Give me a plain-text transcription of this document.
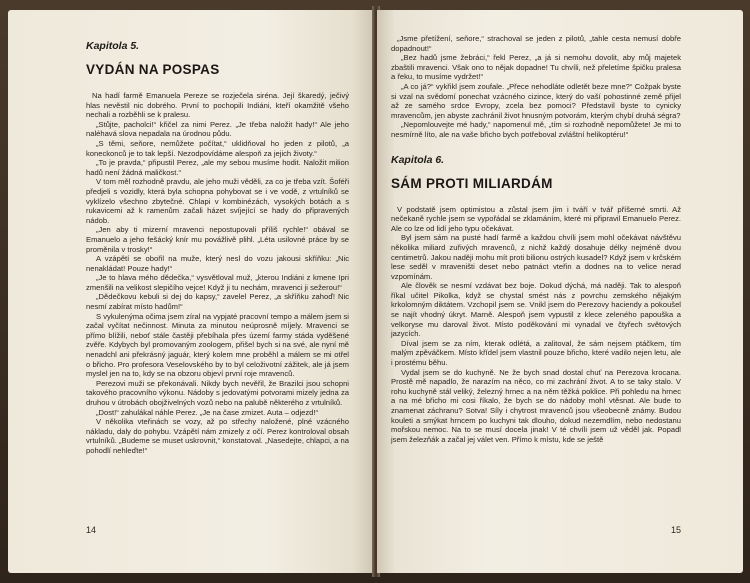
Kapitola 5.
VYDÁN NA POSPAS

Na hadí farmě Emanuela Pereze se rozječela siréna. Její škaredý, ječivý hlas nevěstil nic dobrého. První to pochopili Indiáni, kteří okamžitě všeho nechali a rozběhli se k pralesu.

„Stůjte, pacholci!“ křičel za nimi Perez. „Je třeba naložit hady!“ Ale jeho naléhavá slova nepadala na úrodnou půdu.

„S těmi, seňore, nemůžete počítat,“ uklidňoval ho jeden z pilotů, „a koneckonců je to tak lepší. Nezodpovídáme alespoň za jejich životy.“

„To je pravda,“ připustil Perez, „ale my sebou musíme hodit. Naložit milion hadů není žádná maličkost.“

V tom měl rozhodně pravdu, ale jeho muži věděli, za co je třeba vzít. Šoféři předjeli s vozidly, která byla schopna pohybovat se i ve vodě, z vrtulníků se vyklízelo všechno zbytečné. Chlapi v kombinézách, vysokých botách a s rukavicemi až k ramenům začali házet svíjející se hady do připravených nádob.

„Jen aby ti mizerní mravenci nepostupovali příliš rychle!“ obával se Emanuelo a jeho fešácký knír mu povážlivě plihl. „Léta usilovné práce by se proměnila v trosky!“

A vzápětí se obořil na muže, který nesl do vozu jakousi skříňku: „Nic nenakládat! Pouze hady!“

„Je to hlava mého dědečka,“ vysvětloval muž, „kterou Indiáni z kmene Ipri zmenšili na velikost slepičího vejce! Když ji tu nechám, mravenci ji sežerou!“

„Dědečkovu kebuli si dej do kapsy,“ zavelel Perez, „a skříňku zahoď! Nic nesmí zabírat místo hadům!“

S vykulenýma očima jsem zíral na vypjaté pracovní tempo a málem jsem si začal vyčítat nečinnost. Minuta za minutou neúprosně míjely. Mravenci se přímo blížili, neboť stále častěji přebíhala přes území farmy stáda vyděšené zvěře. Kdybych byl promovaným zoologem, přišel bych si na své, ale nyní mě nenadchl ani překrásný jaguár, který kolem mne proběhl a málem se mi otřel o břicho. Pro profesora Veselovského by to byl celoživotní zážitek, ale já jsem myslel jen na to, kdy se na obzoru objeví první roje mravenců.

Perezovi muži se překonávali. Nikdy bych nevěřil, že Brazilci jsou schopni takového pracovního výkonu. Nádoby s jedovatými potvorami mizely jedna za druhou v útrobách obojživelných vozů nebo na palubě některého z vrtulníků.

„Dost!“ zahulákal náhle Perez. „Je na čase zmizet. Auta – odjezd!“

V několika vteřinách se vozy, až po střechy naložené, plné vzácného nákladu, daly do pohybu. Vzápětí nám zmizely z očí. Perez kontroloval obsah vrtulníků. „Budeme se muset uskrovnit,“ konstatoval. „Nasedejte, chlapci, a na pohodlí nehleďte!“

14

„Jsme přetížení, seňore,“ strachoval se jeden z pilotů, „tahle cesta nemusí dobře dopadnout!“

„Bez hadů jsme žebráci,“ řekl Perez, „a já si nemohu dovolit, aby můj majetek zbaštili mravenci. Však ono to nějak dopadne! Tu chvíli, než přeletíme špičku pralesa a řeku, to musíme vydržet!“

„A co já?“ vykřikl jsem zoufale. „Přece nehodláte odletět beze mne?“ Cožpak byste si vzal na svědomí ponechat vzácného cizince, který do vaší pohostinné země přijel až ze samého srdce Evropy, zcela bez pomoci? Představil byste to cynicky mravencům, jen abyste zachránil život hnusným potvorám, kterým chybí druhá ségra?

„Nepomlouvejte mé hady,“ napomenul mě, „tím si rozhodně nepomůžete! Je mi to nesmírně líto, ale na vaše břicho bych potřeboval zvláštní helikoptéru!“

Kapitola 6.
SÁM PROTI MILIARDÁM

V podstatě jsem optimistou a zůstal jsem jím i tváří v tvář příšerné smrti. Až nečekaně rychle jsem se vypořádal se zklamáním, které mi připravil Emanuelo Perez. Ale co lze od lidí jeho typu očekávat.

Byl jsem sám na pusté hadí farmě a každou chvíli jsem mohl očekávat návštěvu několika miliard zuřivých mravenců, z nichž každý dosahuje délky nejméně dvou centimetrů. Jakou naději mohu mít proti bilionu ostrých kusadel? Když jsem v krčském lese seděl v mraveništi deset nebo patnáct vteřin a dodnes na to velice nerad vzpomínám.

Ale člověk se nesmí vzdávat bez boje. Dokud dýchá, má naději. Tak to alespoň říkal učitel Pikolka, když se chystal smést nás z povrchu zemského nějakým krkolomným diktátem. Vzchopil jsem se. Vnikl jsem do Perezovy haciendy a pokoušel se najít vhodný úkryt. Marně. Alespoň jsem vypustil z klece zeleného papouška a velkoryse mu daroval život. Místo poděkování mi vynadal ve čtyřech světových jazycích.

Díval jsem se za ním, kterak odlétá, a zalitoval, že sám nejsem ptáčkem, tím malým zpěváčkem. Místo křídel jsem vlastnil pouze břicho, které vadilo nejen letu, ale i prostému běhu.

Vydal jsem se do kuchyně. Ne že bych snad dostal chuť na Perezova krocana. Prostě mě napadlo, že narazím na něco, co mi zachrání život. A to se taky stalo. V rohu kuchyně stál veliký, železný hrnec a na něm těžká poklice. Při pohledu na hrnec a na mé břicho mi cosi říkalo, že bych se do nádoby mohl vtěsnat. Ale bude to znamenat záchranu? Sotva! Síly i chytrost mravenců jsou všeobecně známy. Budou kouleti a smýkat hrncem po kuchyni tak dlouho, dokud nezemdlím, nebo nedostanu mořskou nemoc. Na to se musí docela jinak! V té chvíli jsem už věděl jak. Popadl jsem železňák a začal jej válet ven. Přímo k místu, kde se ještě

15
